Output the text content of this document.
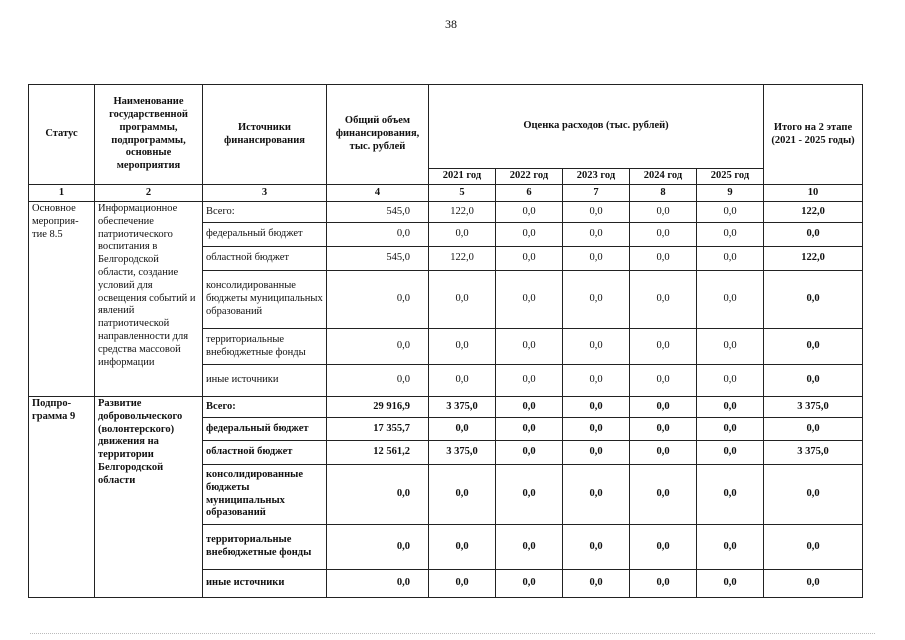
38
Статус	Наименование государственной программы, подпрограммы, основные мероприятия	Источники финансирования	Общий объем финансирования, тыс. рублей	Оценка расходов (тыс. рублей)					Итого на 2 этапе (2021 - 2025 годы)
				2021 год	2022 год	2023 год	2024 год	2025 год	
1	2	3	4	5	6	7	8	9	10
Основное мероприя-тие 8.5	Информационное обеспечение патриотического воспитания в Белгородской области, создание условий для освещения событий и явлений патриотической направленности для средства массовой информации	Всего:	545,0	122,0	0,0	0,0	0,0	0,0	122,0
		федеральный бюджет	0,0	0,0	0,0	0,0	0,0	0,0	0,0
		областной бюджет	545,0	122,0	0,0	0,0	0,0	0,0	122,0
		консолидированные бюджеты муниципальных образований	0,0	0,0	0,0	0,0	0,0	0,0	0,0
		территориальные внебюджетные фонды	0,0	0,0	0,0	0,0	0,0	0,0	0,0
		иные источники	0,0	0,0	0,0	0,0	0,0	0,0	0,0
Подпро-грамма 9	Развитие добровольческого (волонтерского) движения на территории Белгородской области	Всего:	29 916,9	3 375,0	0,0	0,0	0,0	0,0	3 375,0
		федеральный бюджет	17 355,7	0,0	0,0	0,0	0,0	0,0	0,0
		областной бюджет	12 561,2	3 375,0	0,0	0,0	0,0	0,0	3 375,0
		консолидированные бюджеты муниципальных образований	0,0	0,0	0,0	0,0	0,0	0,0	0,0
		территориальные внебюджетные фонды	0,0	0,0	0,0	0,0	0,0	0,0	0,0
		иные источники	0,0	0,0	0,0	0,0	0,0	0,0	0,0
